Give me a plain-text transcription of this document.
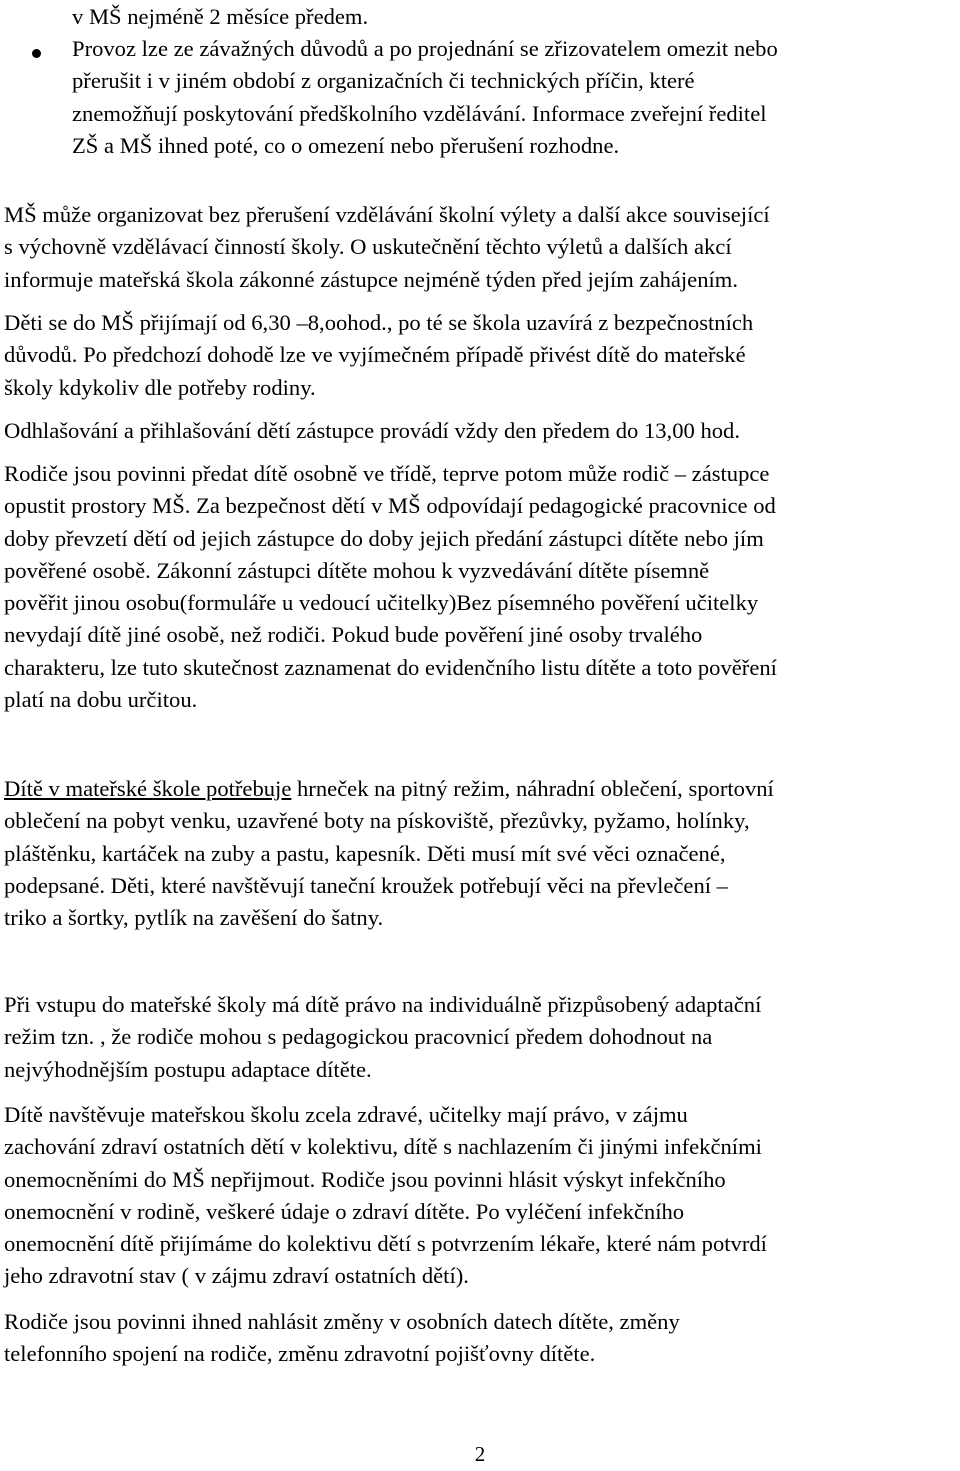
v MŠ nejméně 2 měsíce předem.

Provoz lze ze závažných důvodů a po projednání se zřizovatelem omezit nebo
přerušit i v jiném období z organizačních či technických příčin, které
znemožňují poskytování předškolního vzdělávání. Informace zveřejní ředitel
ZŠ a MŠ ihned poté, co o omezení nebo přerušení rozhodne.

MŠ může organizovat bez přerušení vzdělávání školní výlety a další akce související
s výchovně vzdělávací činností školy. O uskutečnění těchto výletů a dalších akcí
informuje mateřská škola zákonné zástupce nejméně týden před jejím zahájením.

Děti se do MŠ přijímají od 6,30 –8,oohod., po té se škola uzavírá z bezpečnostních
důvodů. Po předchozí dohodě lze ve vyjímečném případě přivést dítě do mateřské
školy kdykoliv dle potřeby rodiny.

Odhlašování a přihlašování dětí zástupce provádí vždy den předem do 13,00 hod.

Rodiče jsou povinni předat dítě osobně ve třídě, teprve potom může rodič – zástupce
opustit prostory MŠ. Za bezpečnost dětí v MŠ odpovídají pedagogické pracovnice od
doby převzetí dětí od jejich zástupce do doby jejich předání zástupci dítěte nebo jím
pověřené osobě. Zákonní zástupci dítěte mohou k vyzvedávání dítěte písemně
pověřit jinou osobu(formuláře u vedoucí učitelky)Bez písemného pověření učitelky
nevydají dítě jiné osobě, než rodiči. Pokud bude pověření jiné osoby trvalého
charakteru, lze tuto skutečnost zaznamenat do evidenčního listu dítěte a toto pověření
platí na dobu určitou.

Dítě v mateřské škole potřebuje hrneček na pitný režim, náhradní oblečení, sportovní
oblečení na pobyt venku, uzavřené boty na pískoviště, přezůvky, pyžamo, holínky,
pláštěnku, kartáček na zuby a pastu, kapesník. Děti musí mít své věci označené,
podepsané. Děti, které navštěvují taneční kroužek potřebují věci na převlečení –
triko a šortky, pytlík na zavěšení do šatny.

Při vstupu do mateřské školy má dítě právo na individuálně přizpůsobený adaptační
režim tzn. , že rodiče mohou s pedagogickou pracovnicí předem dohodnout na
nejvýhodnějším postupu adaptace dítěte.

Dítě navštěvuje mateřskou školu zcela zdravé, učitelky mají právo, v zájmu
zachování zdraví ostatních dětí v kolektivu, dítě s nachlazením či jinými infekčními
onemocněními do MŠ nepřijmout. Rodiče jsou povinni hlásit výskyt infekčního
onemocnění v rodině, veškeré údaje o zdraví dítěte. Po vyléčení infekčního
onemocnění dítě přijímáme do kolektivu dětí s potvrzením lékaře, které nám potvrdí
jeho zdravotní stav ( v zájmu zdraví ostatních dětí).

Rodiče jsou povinni ihned nahlásit změny v osobních datech dítěte, změny
telefonního spojení na rodiče, změnu zdravotní pojišťovny dítěte.

2
